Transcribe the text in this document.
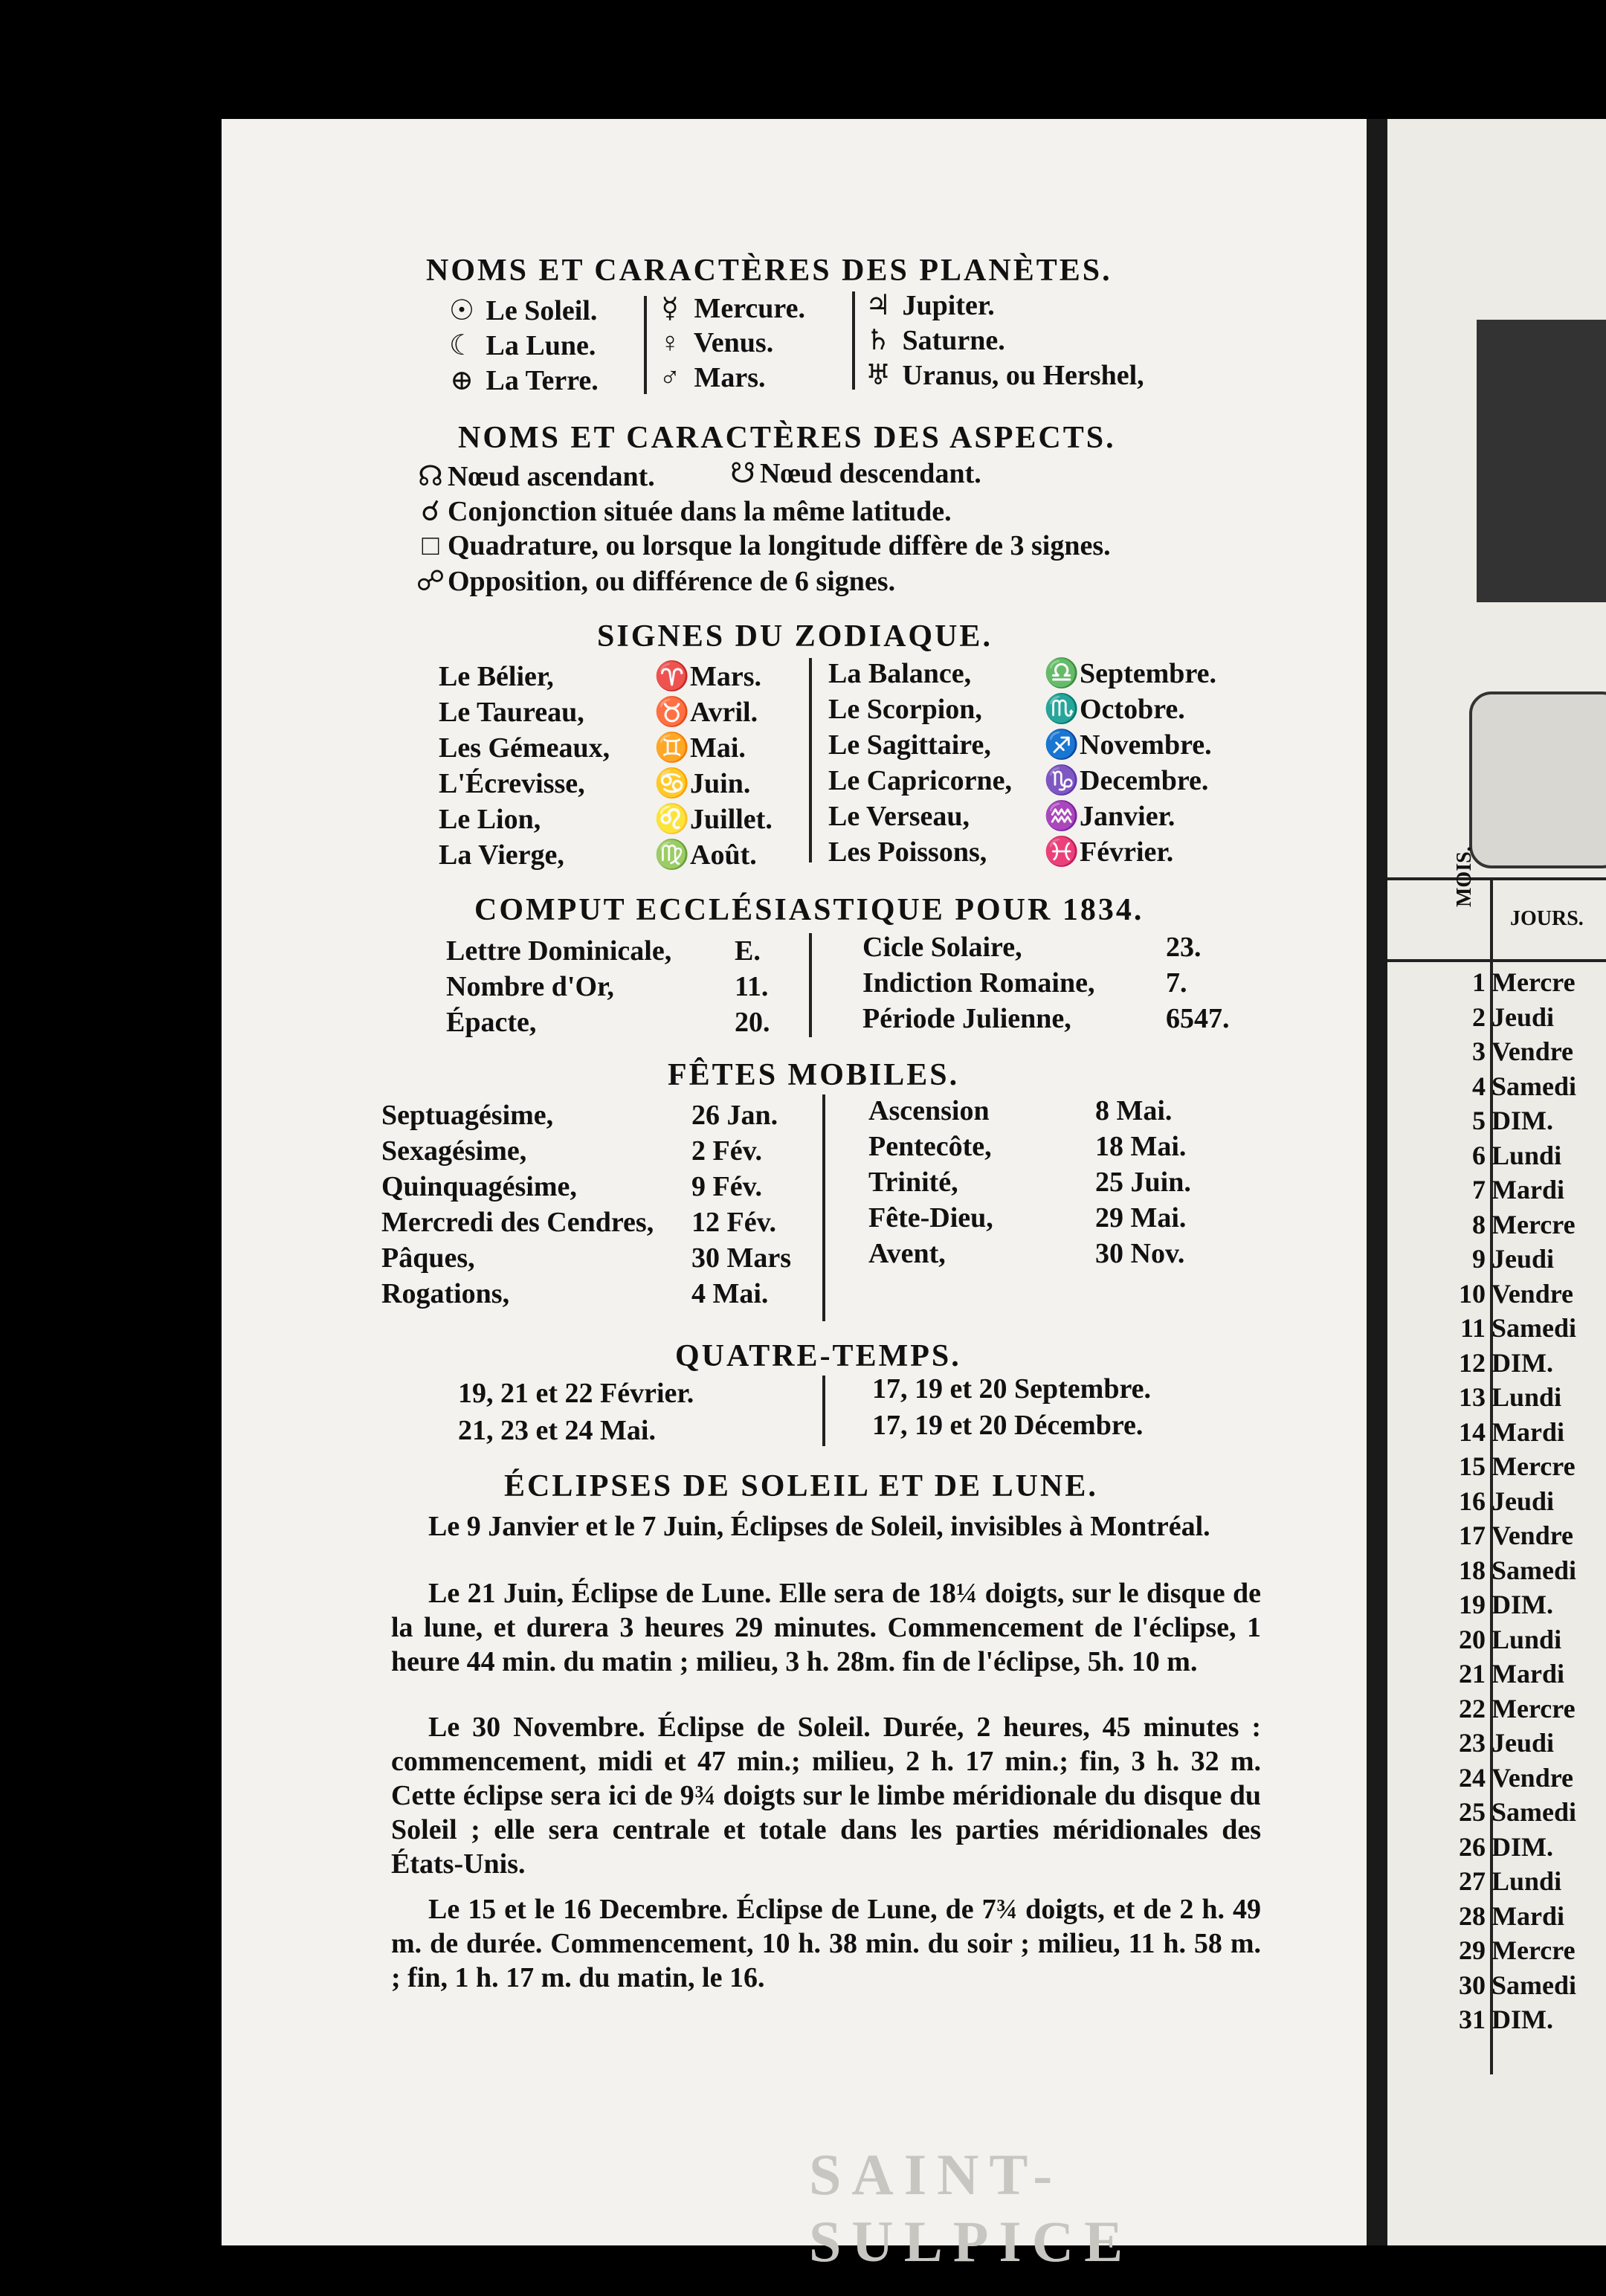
NOMS ET CARACTÈRES DES PLANÈTES.
☉ Le Soleil.
☾ La Lune.
⊕ La Terre.
☿ Mercure.
♀ Venus.
♂ Mars.
♃ Jupiter.
♄ Saturne.
♅ Uranus, ou Hershel,
NOMS ET CARACTÈRES DES ASPECTS.
☊ Nœud ascendant.	☋ Nœud descendant.
☌ Conjonction située dans la même latitude.
□ Quadrature, ou lorsque la longitude diffère de 3 signes.
☍Opposition, ou différence de 6 signes.
SIGNES DU ZODIAQUE.
Le Bélier,	♈ Mars.
Le Taureau, ♉ Avril.
Les Gémeaux, ♊ Mai.
L'Écrevisse, ♋ Juin.
Le Lion,	♌ Juillet.
La Vierge,	♍ Août.
La Balance,	♎ Septembre.
Le Scorpion, ♏ Octobre.
Le Sagittaire, ♐ Novembre.
Le Capricorne, ♑ Decembre.
Le Verseau,	♒ Janvier.
Les Poissons, ♓ Février.
COMPUT ECCLÉSIASTIQUE POUR 1834.
Lettre Dominicale, E.
Nombre d'Or,	11.
Épacte,	20.
Cicle Solaire,	23.
Indiction Romaine,	7.
Période Julienne,	6547.
FÊTES MOBILES.
Septuagésime,	26 Jan.
Sexagésime,	2 Fév.
Quinquagésime,	9 Fév.
Mercredi des Cendres, 12 Fév.
Pâques,	30 Mars
Rogations,	4 Mai.
Ascension	8 Mai.
Pentecôte,	18 Mai.
Trinité,	25 Juin.
Fête-Dieu,	29 Mai.
Avent,	30 Nov.
QUATRE-TEMPS.
19, 21 et 22 Février.
21, 23 et 24 Mai.
17, 19 et 20 Septembre.
17, 19 et 20 Décembre.
ÉCLIPSES DE SOLEIL ET DE LUNE.
Le 9 Janvier et le 7 Juin, Éclipses de Soleil, invisibles à Montréal.
Le 21 Juin, Éclipse de Lune. Elle sera de 18¼ doigts, sur le disque de la lune, et durera 3 heures 29 minutes. Commencement de l'éclipse, 1 heure 44 min. du matin ; milieu, 3 h. 28m. fin de l'éclipse, 5h. 10 m.
Le 30 Novembre. Éclipse de Soleil. Durée, 2 heures, 45 minutes : commencement, midi et 47 min.; milieu, 2 h. 17 min.; fin, 3 h. 32 m. Cette éclipse sera ici de 9¾ doigts sur le limbe méridionale du disque du Soleil ; elle sera centrale et totale dans les parties méridionales des États-Unis.
Le 15 et le 16 Decembre. Éclipse de Lune, de 7¾ doigts, et de 2 h. 49 m. de durée. Commencement, 10 h. 38 min. du soir ; milieu, 11 h. 58 m. ; fin, 1 h. 17 m. du matin, le 16.
SAINT-SULPICE
MOIS.
JOURS.
1 Mercre
2 Jeudi
3 Vendre
4 Samedi
5 DIM.
6 Lundi
7 Mardi
8 Mercre
9 Jeudi
10 Vendre
11 Samedi
12 DIM.
13 Lundi
14 Mardi
15 Mercre
16 Jeudi
17 Vendre
18 Samedi
19 DIM.
20 Lundi
21 Mardi
22 Mercre
23 Jeudi
24 Vendre
25 Samedi
26 DIM.
27 Lundi
28 Mardi
29 Mercre
30 Samedi
31 DIM.
